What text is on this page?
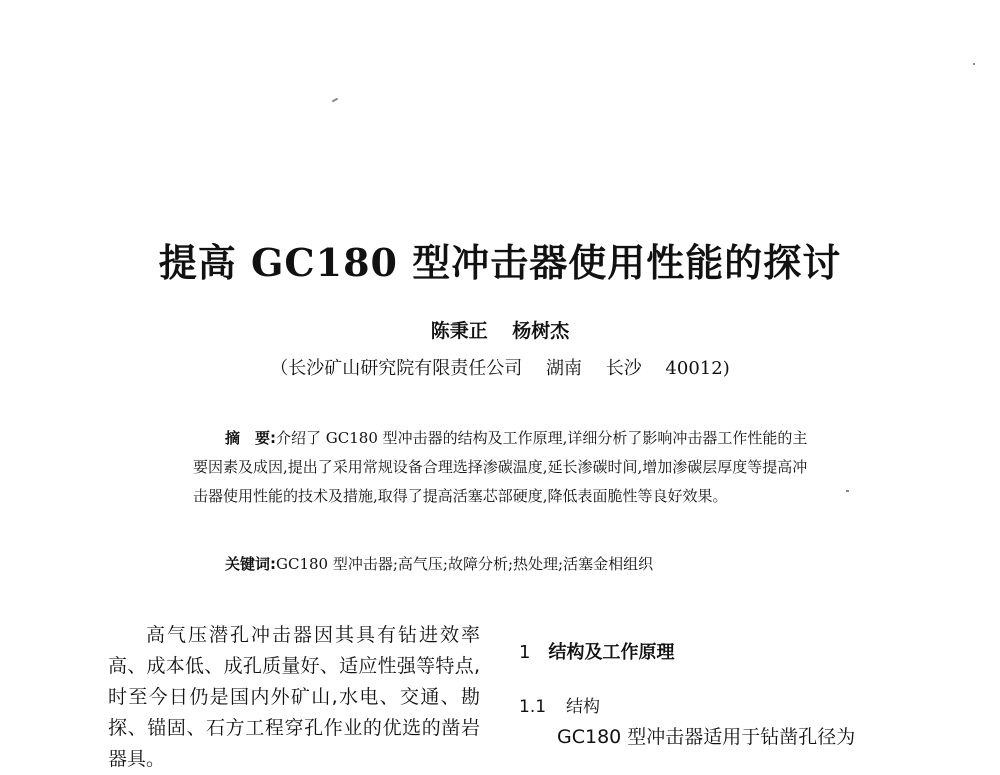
提高 GC180 型冲击器使用性能的探讨
陈秉正 杨树杰
（长沙矿山研究院有限责任公司　 湖南　 长沙　 40012)
摘　要:介绍了 GC180 型冲击器的结构及工作原理,详细分析了影响冲击器工作性能的主要因素及成因,提出了采用常规设备合理选择渗碳温度,延长渗碳时间,增加渗碳层厚度等提高冲击器使用性能的技术及措施,取得了提高活塞芯部硬度,降低表面脆性等良好效果。
关键词:GC180 型冲击器;高气压;故障分析;热处理;活塞金相组织

高气压潜孔冲击器因其具有钻进效率高、成本低、成孔质量好、适应性强等特点,时至今日仍是国内外矿山,水电、交通、勘探、锚固、石方工程穿孔作业的优选的凿岩器具。

1 结构及工作原理
1.1 结构

GC180 型冲击器适用于钻凿孔径为
